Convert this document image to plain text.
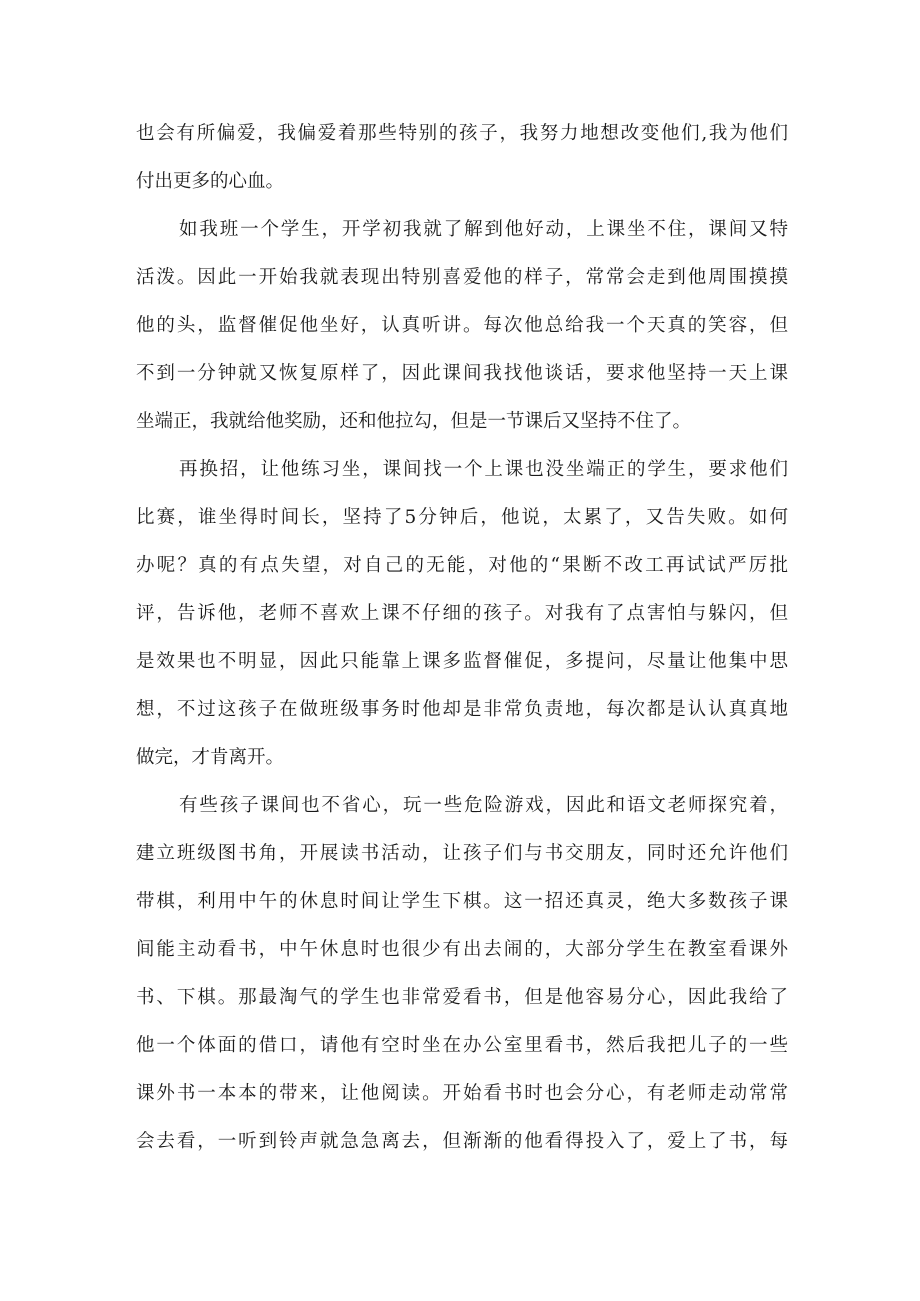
也会有所偏爱，我偏爱着那些特别的孩子，我努力地想改变他们,我为他们
付出更多的心血。
如我班一个学生，开学初我就了解到他好动，上课坐不住，课间又特
活泼。因此一开始我就表现出特别喜爱他的样子，常常会走到他周围摸摸
他的头，监督催促他坐好，认真听讲。每次他总给我一个天真的笑容，但
不到一分钟就又恢复原样了，因此课间我找他谈话，要求他坚持一天上课
坐端正，我就给他奖励，还和他拉勾，但是一节课后又坚持不住了。
再换招，让他练习坐，课间找一个上课也没坐端正的学生，要求他们
比赛，谁坐得时间长，坚持了5分钟后，他说，太累了，又告失败。如何
办呢？真的有点失望，对自己的无能，对他的“果断不改工再试试严厉批
评，告诉他，老师不喜欢上课不仔细的孩子。对我有了点害怕与躲闪，但
是效果也不明显，因此只能靠上课多监督催促，多提问，尽量让他集中思
想，不过这孩子在做班级事务时他却是非常负责地，每次都是认认真真地
做完，才肯离开。
有些孩子课间也不省心，玩一些危险游戏，因此和语文老师探究着，
建立班级图书角，开展读书活动，让孩子们与书交朋友，同时还允许他们
带棋，利用中午的休息时间让学生下棋。这一招还真灵，绝大多数孩子课
间能主动看书，中午休息时也很少有出去闹的，大部分学生在教室看课外
书、下棋。那最淘气的学生也非常爱看书，但是他容易分心，因此我给了
他一个体面的借口，请他有空时坐在办公室里看书，然后我把儿子的一些
课外书一本本的带来，让他阅读。开始看书时也会分心，有老师走动常常
会去看，一听到铃声就急急离去，但渐渐的他看得投入了，爱上了书，每
